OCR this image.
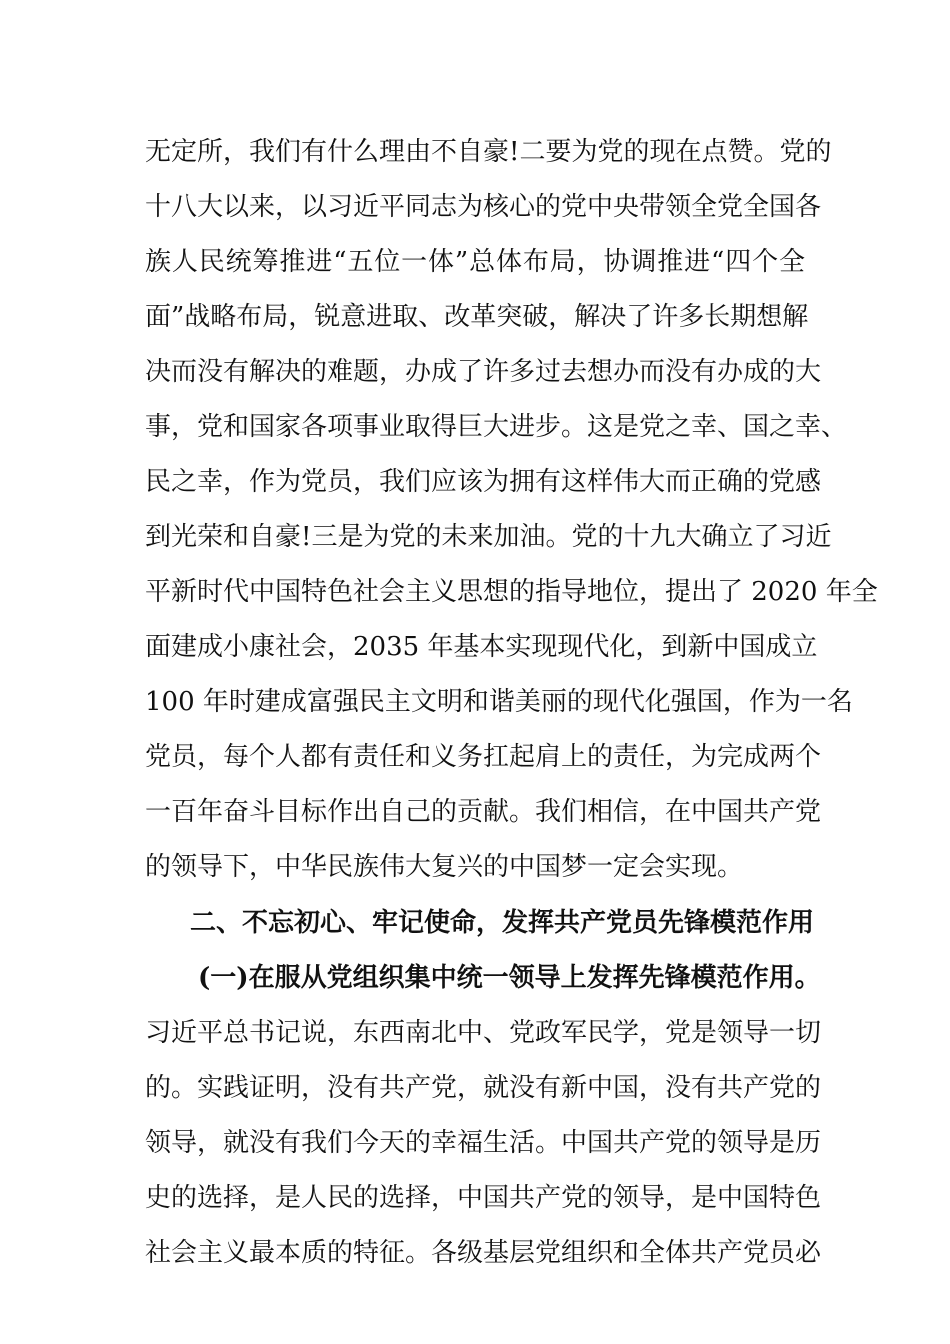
无定所，我们有什么理由不自豪!二要为党的现在点赞。党的
十八大以来，以习近平同志为核心的党中央带领全党全国各
族人民统筹推进“五位一体”总体布局，协调推进“四个全
面”战略布局，锐意进取、改革突破，解决了许多长期想解
决而没有解决的难题，办成了许多过去想办而没有办成的大
事，党和国家各项事业取得巨大进步。这是党之幸、国之幸、
民之幸，作为党员，我们应该为拥有这样伟大而正确的党感
到光荣和自豪!三是为党的未来加油。党的十九大确立了习近
平新时代中国特色社会主义思想的指导地位，提出了 2020 年全
面建成小康社会，2035 年基本实现现代化，到新中国成立
100 年时建成富强民主文明和谐美丽的现代化强国，作为一名
党员，每个人都有责任和义务扛起肩上的责任，为完成两个
一百年奋斗目标作出自己的贡献。我们相信，在中国共产党
的领导下，中华民族伟大复兴的中国梦一定会实现。
二、不忘初心、牢记使命，发挥共产党员先锋模范作用
(一)在服从党组织集中统一领导上发挥先锋模范作用。
习近平总书记说，东西南北中、党政军民学，党是领导一切
的。实践证明，没有共产党，就没有新中国，没有共产党的
领导，就没有我们今天的幸福生活。中国共产党的领导是历
史的选择，是人民的选择，中国共产党的领导，是中国特色
社会主义最本质的特征。各级基层党组织和全体共产党员必
